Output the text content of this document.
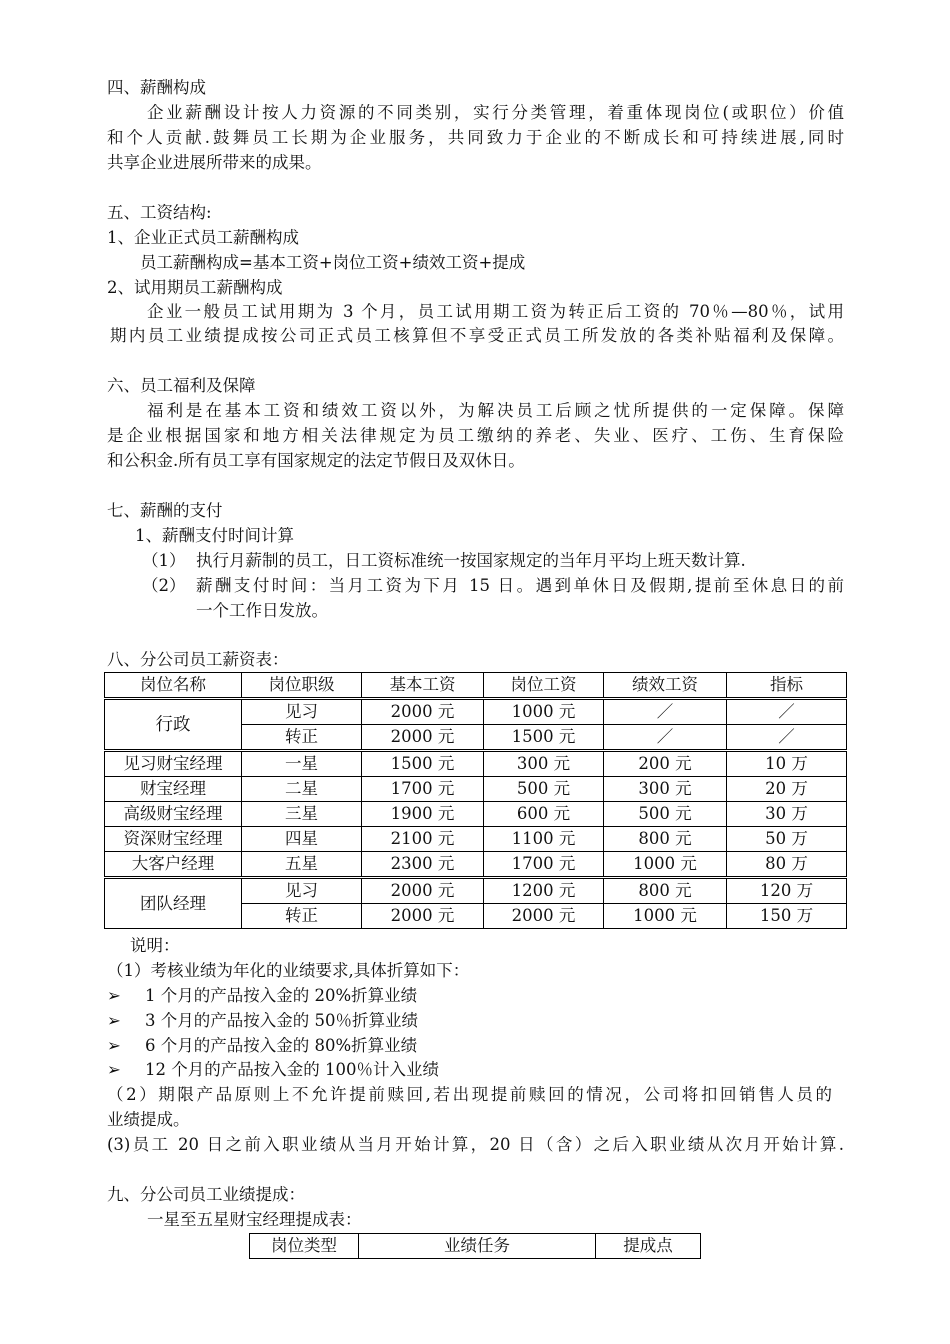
四、薪酬构成
企业薪酬设计按人力资源的不同类别，实行分类管理，着重体现岗位(或职位）价值
和个人贡献.鼓舞员工长期为企业服务，共同致力于企业的不断成长和可持续进展,同时
共享企业进展所带来的成果。
五、工资结构:
1、企业正式员工薪酬构成
员工薪酬构成=基本工资+岗位工资+绩效工资+提成
2、试用期员工薪酬构成
企业一般员工试用期为 3 个月，员工试用期工资为转正后工资的 70％—80％，试用
期内员工业绩提成按公司正式员工核算但不享受正式员工所发放的各类补贴福利及保障。
六、员工福利及保障
福利是在基本工资和绩效工资以外，为解决员工后顾之忧所提供的一定保障。保障
是企业根据国家和地方相关法律规定为员工缴纳的养老、失业、医疗、工伤、生育保险
和公积金.所有员工享有国家规定的法定节假日及双休日。
七、薪酬的支付
1、薪酬支付时间计算
（1） 执行月薪制的员工，日工资标准统一按国家规定的当年月平均上班天数计算.
（2） 薪酬支付时间：当月工资为下月 15 日。遇到单休日及假期,提前至休息日的前
一个工作日发放。
八、分公司员工薪资表：
岗位名称	岗位职级	基本工资	岗位工资	绩效工资	指标
行政	见习	2000 元	1000 元	／	／
	转正	2000 元	1500 元	／	／
见习财宝经理	一星	1500 元	300 元	200 元	10 万
财宝经理	二星	1700 元	500 元	300 元	20 万
高级财宝经理	三星	1900 元	600 元	500 元	30 万
资深财宝经理	四星	2100 元	1100 元	800 元	50 万
大客户经理	五星	2300 元	1700 元	1000 元	80 万
团队经理	见习	2000 元	1200 元	800 元	120 万
	转正	2000 元	2000 元	1000 元	150 万
说明：
（1）考核业绩为年化的业绩要求,具体折算如下：
➢ 1 个月的产品按入金的 20%折算业绩
➢ 3 个月的产品按入金的 50％折算业绩
➢ 6 个月的产品按入金的 80%折算业绩
➢ 12 个月的产品按入金的 100％计入业绩
（2）期限产品原则上不允许提前赎回,若出现提前赎回的情况，公司将扣回销售人员的
业绩提成。
(3)员工 20 日之前入职业绩从当月开始计算，20 日（含）之后入职业绩从次月开始计算.
九、分公司员工业绩提成：
一星至五星财宝经理提成表：
岗位类型	业绩任务	提成点
